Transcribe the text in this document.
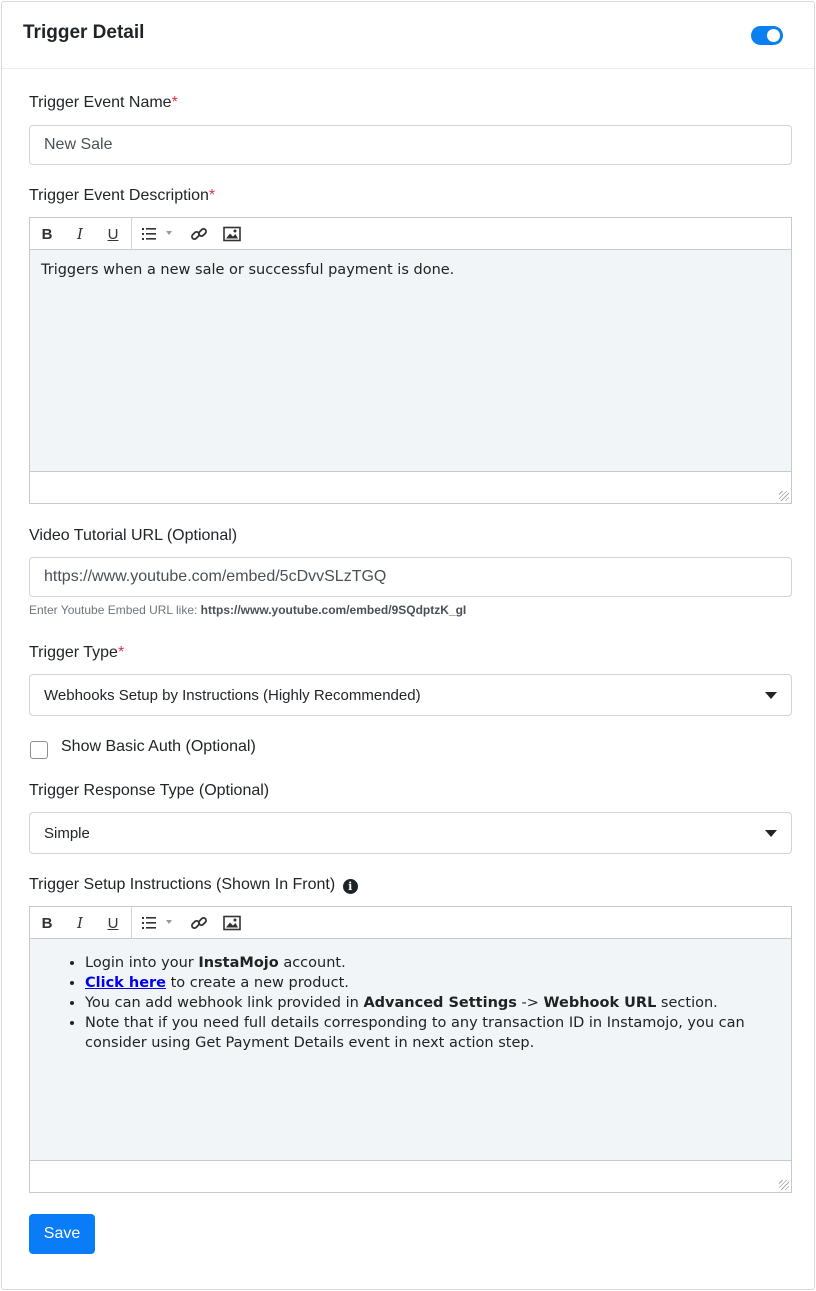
Trigger Detail
Trigger Event Name*
New Sale
Trigger Event Description*
B	I	U
Triggers when a new sale or successful payment is done.
Video Tutorial URL (Optional)
https://www.youtube.com/embed/5cDvvSLzTGQ
Enter Youtube Embed URL like: https://www.youtube.com/embed/9SQdptzK_gI
Trigger Type*
Webhooks Setup by Instructions (Highly Recommended)
Show Basic Auth (Optional)
Trigger Response Type (Optional)
Simple
Trigger Setup Instructions (Shown In Front) i
B	I	U
• Login into your InstaMojo account.
• Click here to create a new product.
• You can add webhook link provided in Advanced Settings -> Webhook URL section.
• Note that if you need full details corresponding to any transaction ID in Instamojo, you can consider using Get Payment Details event in next action step.
Save
